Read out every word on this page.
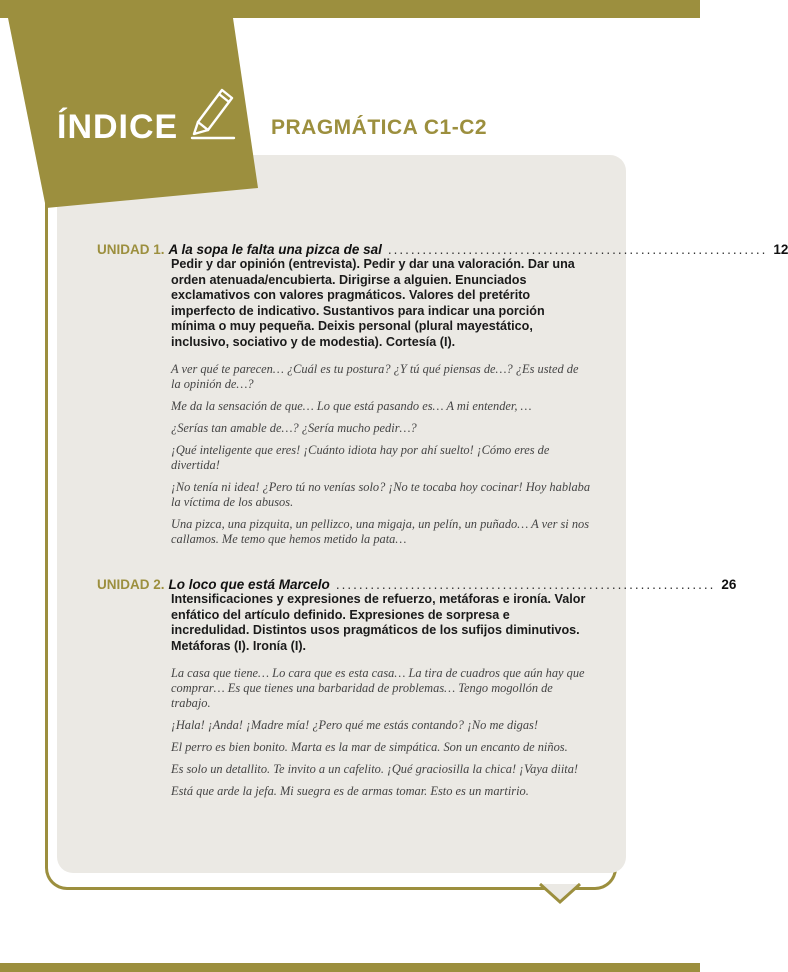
ÍNDICE	PRAGMÁTICA C1-C2
UNIDAD 1. A la sopa le falta una pizca de sal .................................................................. 12
Pedir y dar opinión (entrevista). Pedir y dar una valoración. Dar una orden atenuada/encubierta. Dirigirse a alguien. Enunciados exclamativos con valores pragmáticos. Valores del pretérito imperfecto de indicativo. Sustantivos para indicar una porción mínima o muy pequeña. Deixis personal (plural mayestático, inclusivo, sociativo y de modestia). Cortesía (I).
A ver qué te parecen… ¿Cuál es tu postura? ¿Y tú qué piensas de…? ¿Es usted de la opinión de…?
Me da la sensación de que… Lo que está pasando es… A mi entender, …
¿Serías tan amable de…? ¿Sería mucho pedir…?
¡Qué inteligente que eres! ¡Cuánto idiota hay por ahí suelto! ¡Cómo eres de divertida!
¡No tenía ni idea! ¿Pero tú no venías solo? ¡No te tocaba hoy cocinar! Hoy hablaba la víctima de los abusos.
Una pizca, una pizquita, un pellizco, una migaja, un pelín, un puñado… A ver si nos callamos. Me temo que hemos metido la pata…
UNIDAD 2. Lo loco que está Marcelo .................................................................. 26
Intensificaciones y expresiones de refuerzo, metáforas e ironía. Valor enfático del artículo definido. Expresiones de sorpresa e incredulidad. Distintos usos pragmáticos de los sufijos diminutivos. Metáforas (I). Ironía (I).
La casa que tiene… Lo cara que es esta casa… La tira de cuadros que aún hay que comprar… Es que tienes una barbaridad de problemas… Tengo mogollón de trabajo.
¡Hala! ¡Anda! ¡Madre mía! ¿Pero qué me estás contando? ¡No me digas!
El perro es bien bonito. Marta es la mar de simpática. Son un encanto de niños.
Es solo un detallito. Te invito a un cafelito. ¡Qué graciosilla la chica! ¡Vaya diita!
Está que arde la jefa. Mi suegra es de armas tomar. Esto es un martirio.
